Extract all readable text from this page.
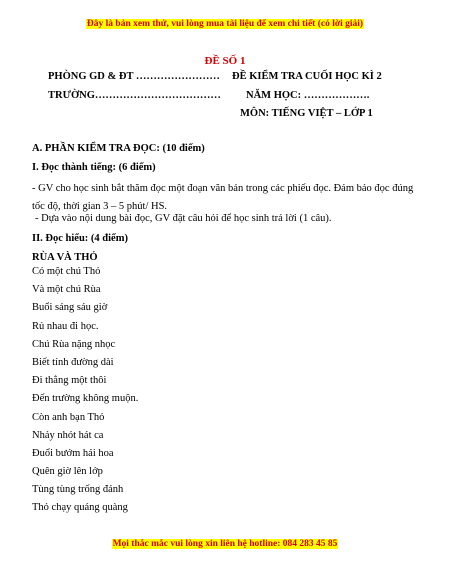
Đây là bản xem thử, vui lòng mua tài liệu để xem chi tiết (có lời giải)
ĐỀ SỐ 1
PHÒNG GD & ĐT …………………… ĐỀ KIỂM TRA CUỐI HỌC KÌ 2
TRƯỜNG……………………………… NĂM HỌC: ……………….
MÔN: TIẾNG VIỆT – LỚP 1
A. PHẦN KIỂM TRA ĐỌC: (10 điểm)
I. Đọc thành tiếng: (6 điểm)
- GV cho học sinh bắt thăm đọc một đoạn văn bản trong các phiếu đọc. Đảm bảo đọc đúng tốc độ, thời gian 3 – 5 phút/ HS.
- Dựa vào nội dung bài đọc, GV đặt câu hỏi để học sinh trả lời (1 câu).
II. Đọc hiểu: (4 điểm)
RÙA VÀ THỎ
Có một chú Thỏ
Và một chú Rùa
Buổi sáng sáu giờ
Rủ nhau đi học.
Chú Rùa nặng nhọc
Biết tính đường dài
Đi thẳng một thôi
Đến trường không muộn.
Còn anh bạn Thỏ
Nhảy nhót hát ca
Đuổi bướm hái hoa
Quên giờ lên lớp
Tùng tùng trống đánh
Thỏ chạy quáng quàng
Mọi thắc mắc vui lòng xin liên hệ hotline: 084 283 45 85
